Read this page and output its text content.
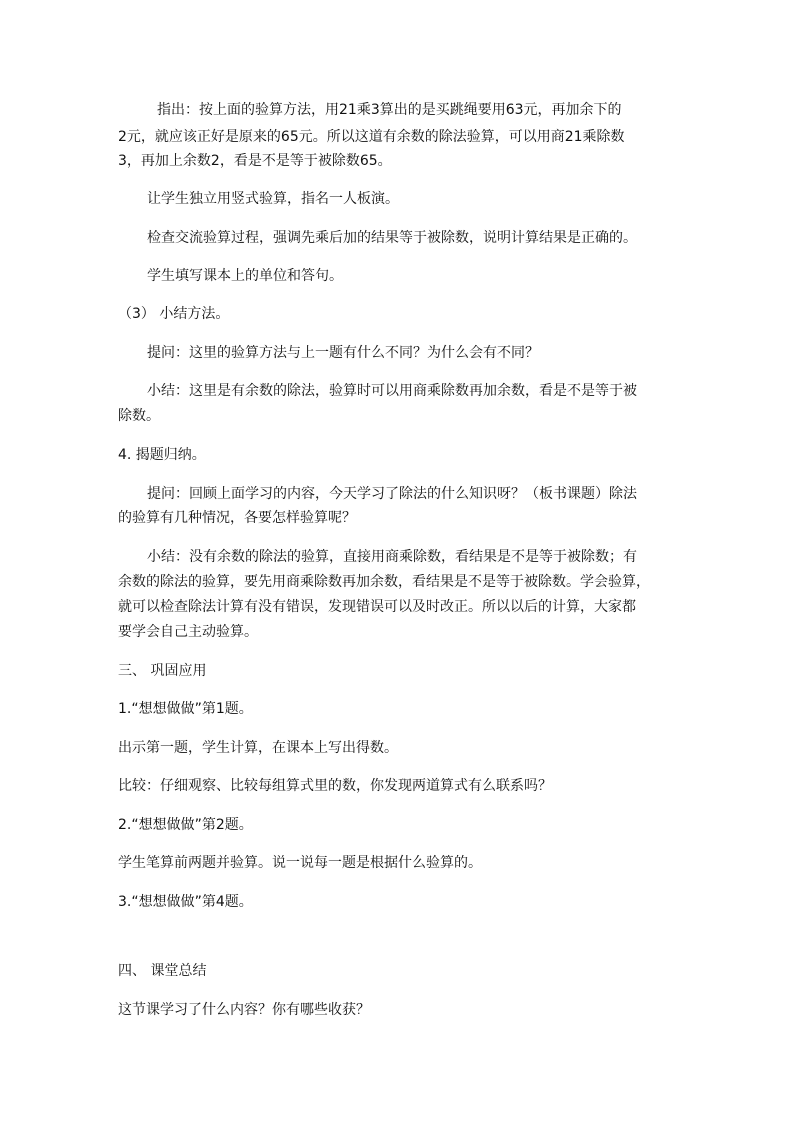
指出：按上面的验算方法，用21乘3算出的是买跳绳要用63元，再加余下的
2元，就应该正好是原来的65元。所以这道有余数的除法验算，可以用商21乘除数
3，再加上余数2，看是不是等于被除数65。
让学生独立用竖式验算，指名一人板演。
检查交流验算过程，强调先乘后加的结果等于被除数，说明计算结果是正确的。
学生填写课本上的单位和答句。
（3） 小结方法。
提问：这里的验算方法与上一题有什么不同？为什么会有不同？
小结：这里是有余数的除法，验算时可以用商乘除数再加余数，看是不是等于被
除数。
4. 揭题归纳。
提问：回顾上面学习的内容，今天学习了除法的什么知识呀？（板书课题）除法
的验算有几种情况，各要怎样验算呢？
小结：没有余数的除法的验算，直接用商乘除数，看结果是不是等于被除数；有
余数的除法的验算，要先用商乘除数再加余数，看结果是不是等于被除数。学会验算，
就可以检查除法计算有没有错误，发现错误可以及时改正。所以以后的计算，大家都
要学会自己主动验算。
三、 巩固应用
1.“想想做做”第1题。
出示第一题，学生计算，在课本上写出得数。
比较：仔细观察、比较每组算式里的数，你发现两道算式有么联系吗？
2.“想想做做”第2题。
学生笔算前两题并验算。说一说每一题是根据什么验算的。
3.“想想做做”第4题。
四、 课堂总结
这节课学习了什么内容？你有哪些收获？
